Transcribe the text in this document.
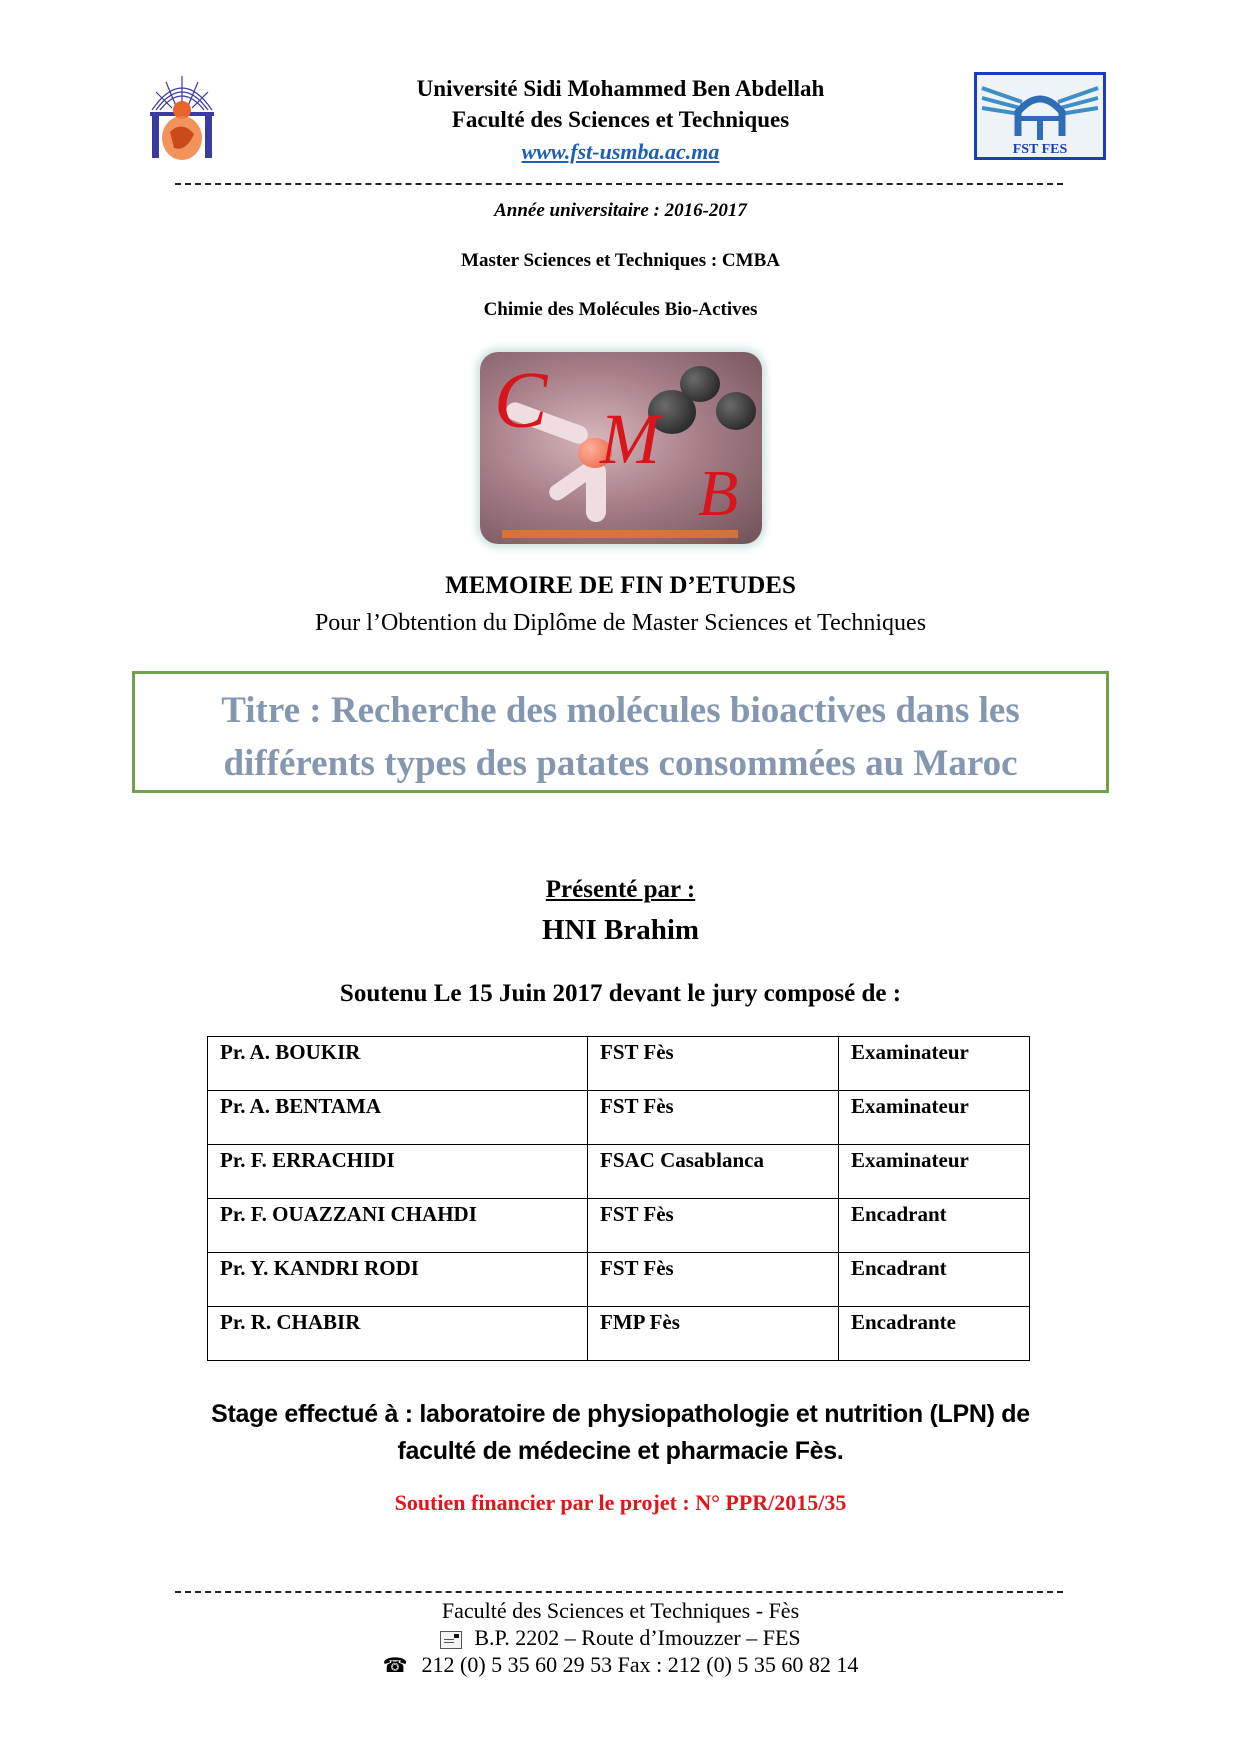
Université Sidi Mohammed Ben Abdellah
Faculté des Sciences et Techniques
www.fst-usmba.ac.ma	FST FES
Année universitaire : 2016-2017
Master Sciences et Techniques : CMBA
Chimie des Molécules Bio-Actives
C M
B
MEMOIRE DE FIN D’ETUDES
Pour l’Obtention du Diplôme de Master Sciences et Techniques
Titre : Recherche des molécules bioactives dans les
différents types des patates consommées au Maroc
Présenté par :
HNI Brahim
Soutenu Le 15 Juin 2017 devant le jury composé de :
Pr. A. BOUKIR	FST Fès	Examinateur
Pr. A. BENTAMA	FST Fès	Examinateur
Pr. F. ERRACHIDI	FSAC Casablanca	Examinateur
Pr. F. OUAZZANI CHAHDI	FST Fès	Encadrant
Pr. Y. KANDRI RODI	FST Fès	Encadrant
Pr. R. CHABIR	FMP Fès	Encadrante
Stage effectué à : laboratoire de physiopathologie et nutrition (LPN) de
faculté de médecine et pharmacie Fès.
Soutien financier par le projet : N° PPR/2015/35
Faculté des Sciences et Techniques - Fès
B.P. 2202 – Route d’Imouzzer – FES
☎ 212 (0) 5 35 60 29 53 Fax : 212 (0) 5 35 60 82 14
